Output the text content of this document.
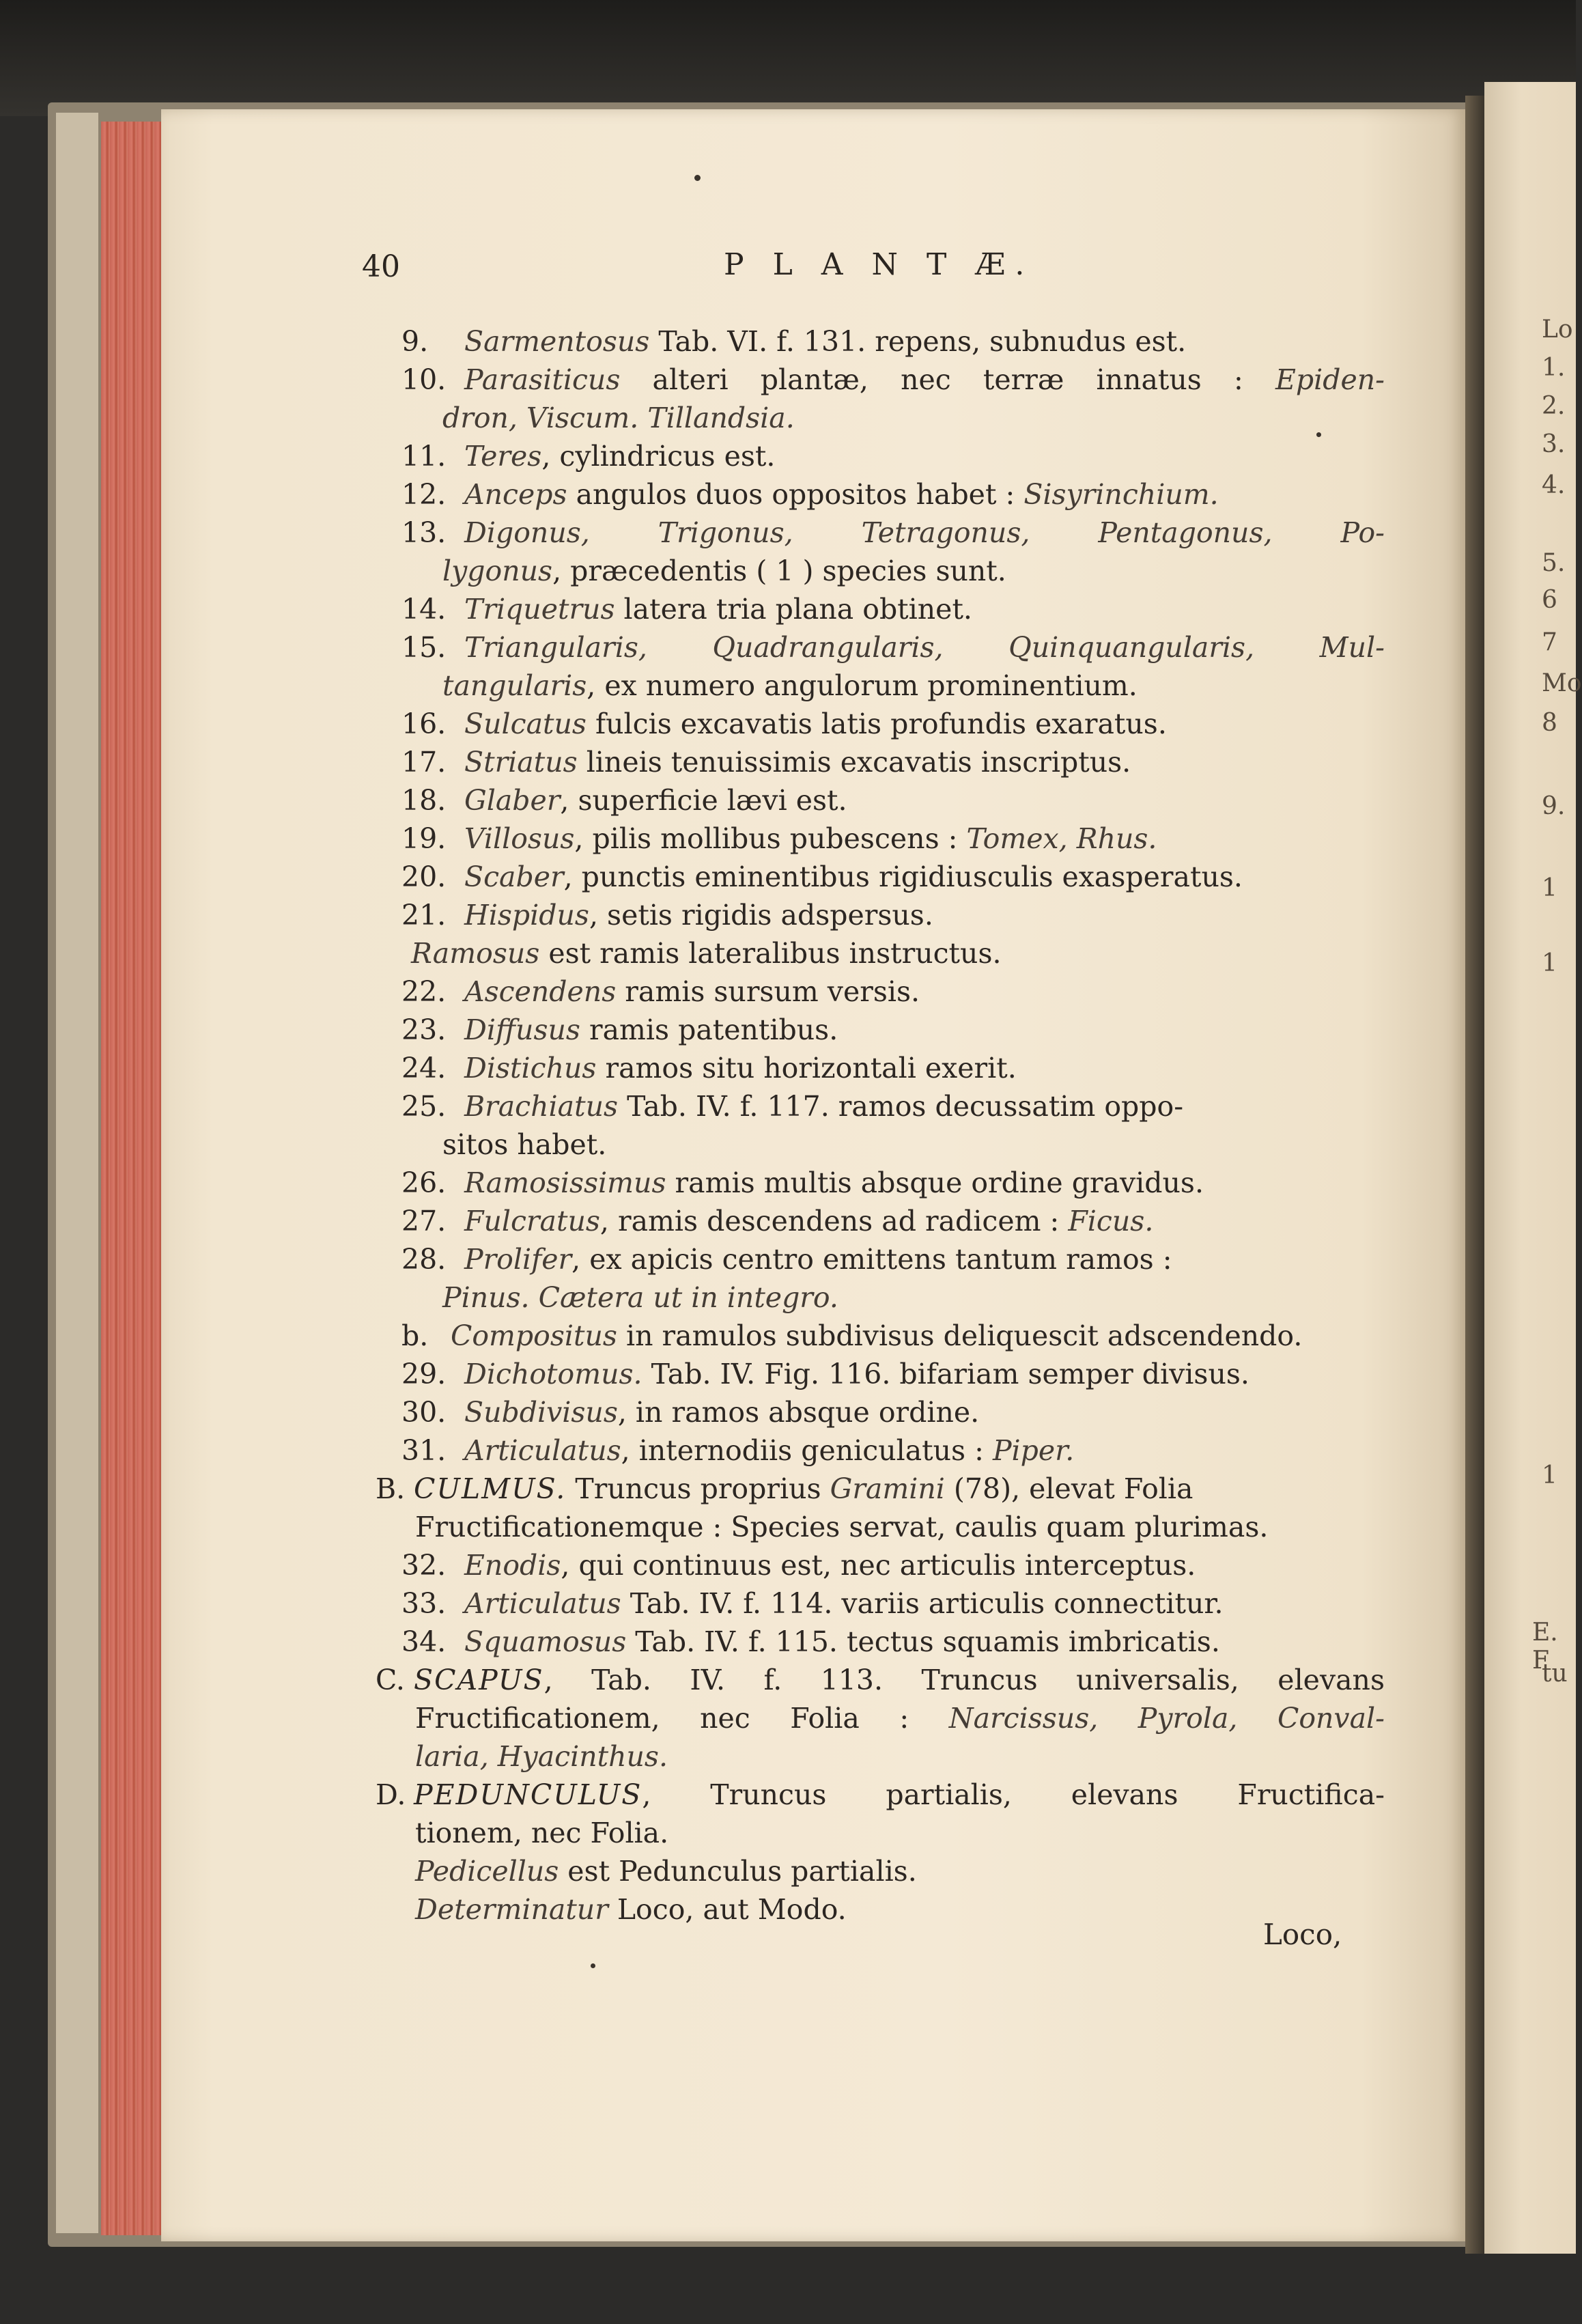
Lo
1.
2.
3.
4.
5.
6
7
Mo
8
9.
1
1
1
E. F
tu
40	P L A N T Æ.
9. Sarmentosus Tab. VI. f. 131. repens, subnudus est.
10. Parasiticus alteri plantæ, nec terræ innatus : Epiden-
dron, Viscum. Tillandsia.
11. Teres, cylindricus est.
12. Anceps angulos duos oppositos habet : Sisyrinchium.
13. Digonus, Trigonus, Tetragonus, Pentagonus, Po-
lygonus, præcedentis ( 1 ) species sunt.
14. Triquetrus latera tria plana obtinet.
15. Triangularis, Quadrangularis, Quinquangularis, Mul-
tangularis, ex numero angulorum prominentium.
16. Sulcatus fulcis excavatis latis profundis exaratus.
17. Striatus lineis tenuissimis excavatis inscriptus.
18. Glaber, superficie lævi est.
19. Villosus, pilis mollibus pubescens : Tomex, Rhus.
20. Scaber, punctis eminentibus rigidiusculis exasperatus.
21. Hispidus, setis rigidis adspersus.
Ramosus est ramis lateralibus instructus.
22. Ascendens ramis sursum versis.
23. Diffusus ramis patentibus.
24. Distichus ramos situ horizontali exerit.
25. Brachiatus Tab. IV. f. 117. ramos decussatim oppo-
sitos habet.
26. Ramosissimus ramis multis absque ordine gravidus.
27. Fulcratus, ramis descendens ad radicem : Ficus.
28. Prolifer, ex apicis centro emittens tantum ramos :
Pinus. Cætera ut in integro.
b. Compositus in ramulos subdivisus deliquescit adscendendo.
29. Dichotomus. Tab. IV. Fig. 116. bifariam semper divisus.
30. Subdivisus, in ramos absque ordine.
31. Articulatus, internodiis geniculatus : Piper.
B. CULMUS. Truncus proprius Gramini (78), elevat Folia
Fructificationemque : Species servat, caulis quam plurimas.
32. Enodis, qui continuus est, nec articulis interceptus.
33. Articulatus Tab. IV. f. 114. variis articulis connectitur.
34. Squamosus Tab. IV. f. 115. tectus squamis imbricatis.
C. SCAPUS, Tab. IV. f. 113. Truncus universalis, elevans
Fructificationem, nec Folia : Narcissus, Pyrola, Conval-
laria, Hyacinthus.
D. PEDUNCULUS, Truncus partialis, elevans Fructifica-
tionem, nec Folia.
Pedicellus est Pedunculus partialis.
Determinatur Loco, aut Modo.
Loco,
